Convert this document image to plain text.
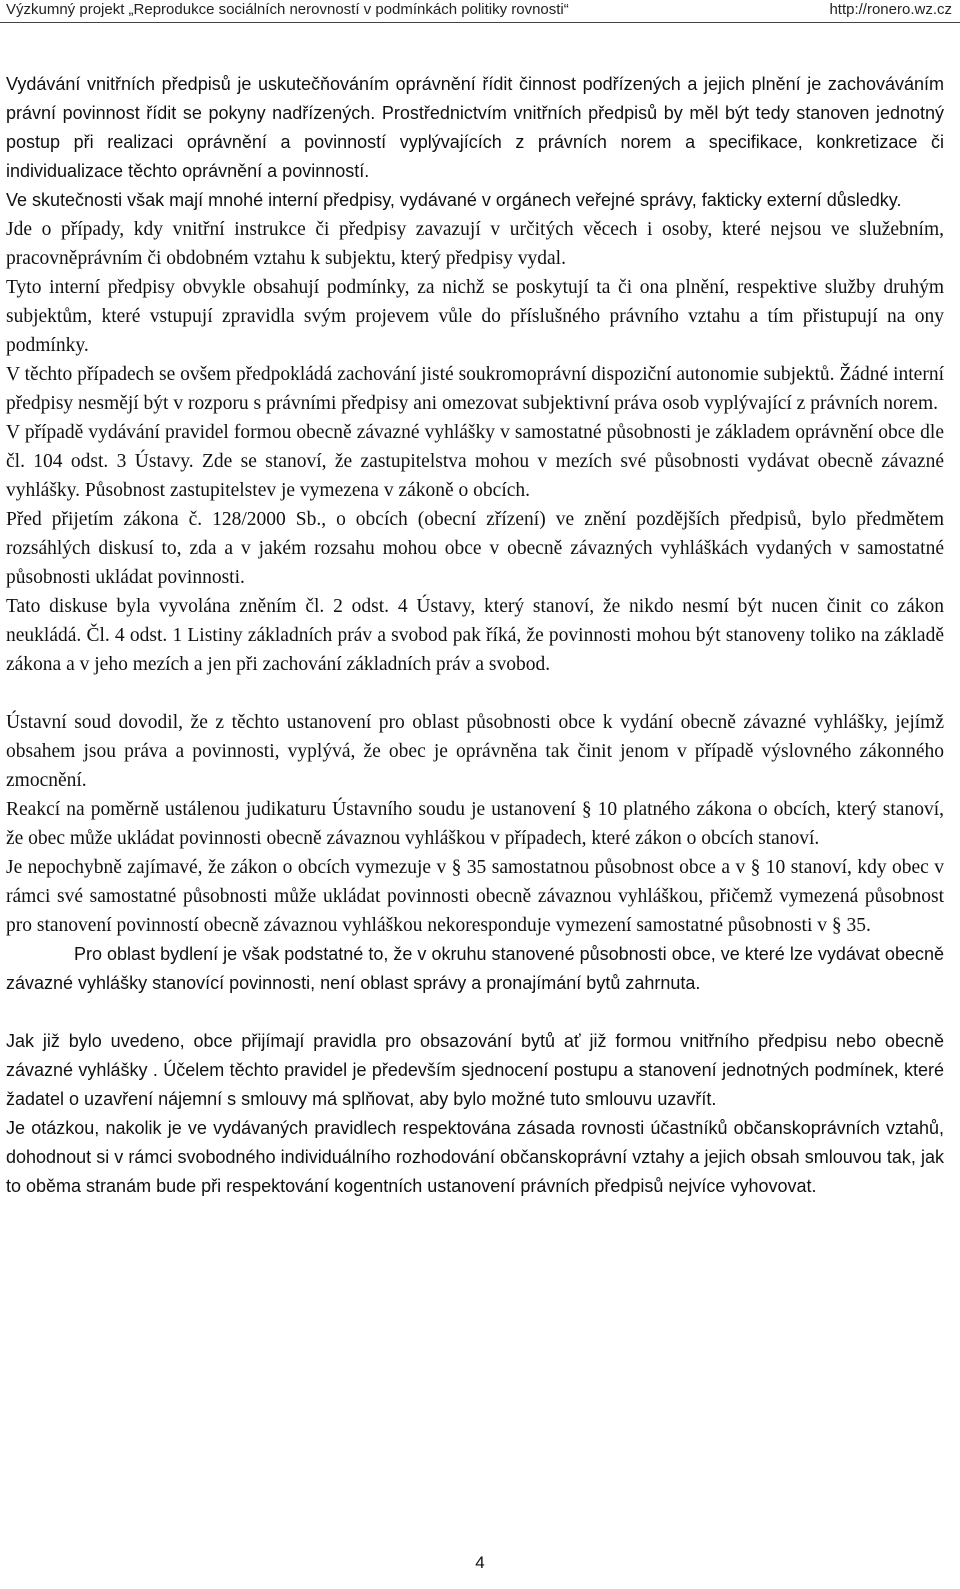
Výzkumný projekt „Reprodukce sociálních nerovností v podmínkách politiky rovnosti“	http://ronero.wz.cz

Vydávání vnitřních předpisů je uskutečňováním oprávnění řídit činnost podřízených a jejich plnění je zachováváním právní povinnost řídit se pokyny nadřízených. Prostřednictvím vnitřních předpisů by měl být tedy stanoven jednotný postup při realizaci oprávnění a povinností vyplývajících z právních norem a specifikace, konkretizace či individualizace těchto oprávnění a povinností.

Ve skutečnosti však mají mnohé interní předpisy, vydávané v orgánech veřejné správy, fakticky externí důsledky.

Jde o případy, kdy vnitřní instrukce či předpisy zavazují v určitých věcech i osoby, které nejsou ve služebním, pracovněprávním či obdobném vztahu k subjektu, který předpisy vydal.

Tyto interní předpisy obvykle obsahují podmínky, za nichž se poskytují ta či ona plnění, respektive služby druhým subjektům, které vstupují zpravidla svým projevem vůle do příslušného právního vztahu a tím přistupují na ony podmínky.

V těchto případech se ovšem předpokládá zachování jisté soukromoprávní dispoziční autonomie subjektů. Žádné interní předpisy nesmějí být v rozporu s právními předpisy ani omezovat subjektivní práva osob vyplývající z právních norem.

V případě vydávání pravidel formou obecně závazné vyhlášky v samostatné působnosti je základem oprávnění obce dle čl. 104 odst. 3 Ústavy. Zde se stanoví, že zastupitelstva mohou v mezích své působnosti vydávat obecně závazné vyhlášky. Působnost zastupitelstev je vymezena v zákoně o obcích.

Před přijetím zákona č. 128/2000 Sb., o obcích (obecní zřízení) ve znění pozdějších předpisů, bylo předmětem rozsáhlých diskusí to, zda a v jakém rozsahu mohou obce v obecně závazných vyhláškách vydaných v samostatné působnosti ukládat povinnosti.

Tato diskuse byla vyvolána zněním čl. 2 odst. 4 Ústavy, který stanoví, že nikdo nesmí být nucen činit co zákon neukládá. Čl. 4 odst. 1 Listiny základních práv a svobod pak říká, že povinnosti mohou být stanoveny toliko na základě zákona a v jeho mezích a jen při zachování základních práv a svobod.

Ústavní soud dovodil, že z těchto ustanovení pro oblast působnosti obce k vydání obecně závazné vyhlášky, jejímž obsahem jsou práva a povinnosti, vyplývá, že obec je oprávněna tak činit jenom v případě výslovného zákonného zmocnění.

Reakcí na poměrně ustálenou judikaturu Ústavního soudu je ustanovení § 10 platného zákona o obcích, který stanoví, že obec může ukládat povinnosti obecně závaznou vyhláškou v případech, které zákon o obcích stanoví.

Je nepochybně zajímavé, že zákon o obcích vymezuje v § 35 samostatnou působnost obce a v § 10 stanoví, kdy obec v rámci své samostatné působnosti může ukládat povinnosti obecně závaznou vyhláškou, přičemž vymezená působnost pro stanovení povinností obecně závaznou vyhláškou nekoresponduje vymezení samostatné působnosti v § 35.

Pro oblast bydlení je však podstatné to, že v okruhu stanovené působnosti obce, ve které lze vydávat obecně závazné vyhlášky stanovící povinnosti, není oblast správy a pronajímání bytů zahrnuta.

Jak již bylo uvedeno, obce přijímají pravidla pro obsazování bytů ať již formou vnitřního předpisu nebo obecně závazné vyhlášky . Účelem těchto pravidel je především sjednocení postupu a stanovení jednotných podmínek, které žadatel o uzavření nájemní s smlouvy má splňovat, aby bylo možné tuto smlouvu uzavřít.

Je otázkou, nakolik je ve vydávaných pravidlech respektována zásada rovnosti účastníků občanskoprávních vztahů, dohodnout si v rámci svobodného individuálního rozhodování občanskoprávní vztahy a jejich obsah smlouvou tak, jak to oběma stranám bude při respektování kogentních ustanovení právních předpisů nejvíce vyhovovat.

4
